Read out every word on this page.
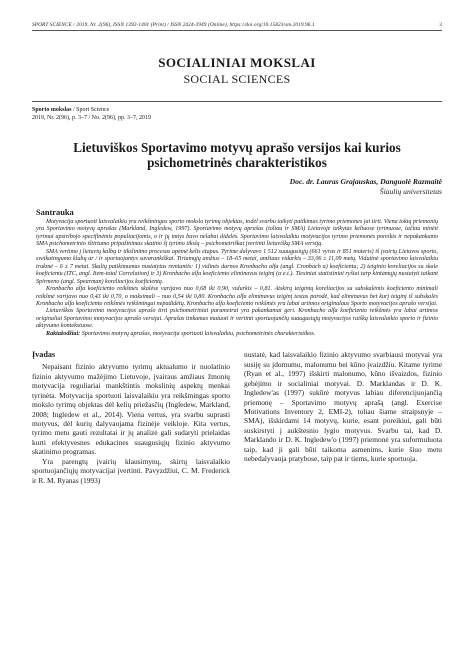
SPORT SCIENCE / 2019, Nr. 2(96), ISSN 1392-1401 (Print) / ISSN 2424-3949 (Online), https://doi.org/10.15823/sm.2019.96.1	3
SOCIALINIAI MOKSLAI
SOCIAL SCIENCES
Sporto mokslas / Sport Science
2019, Nr. 2(96), p. 3–7 / No. 2(96), pp. 3–7, 2019
Lietuviškos Sportavimo motyvų aprašo versijos kai kurios
psichometrinės charakteristikos
Doc. dr. Lauras Grajauskas, Danguolė Razmaitė
Šiaulių universitetas
Santrauka

Motyvacija sportuoti laisvalaikiu yra reikšmingas sporto mokslo tyrimų objektas, todėl svarbu taikyti patikimas tyrimo priemones jai tirti. Viena tokių priemonių yra Sportavimo motyvų aprašas (Markland, Ingledew, 1997). Sportavimo motyvų aprašas (toliau ir SMA) Lietuvoje taikytas keliuose tyrimuose, tačiau minėti tyrimai apsiribojo specifinėmis populiacijomis, o ir jų imtys buvo nelabai didelės. Sportavimo laisvalaikiu motyvacijos tyrimo priemonės poreikis ir nepakankamo SMA psichometrinio ištirtumo pripažinimas skatino šį tyrimo tikslą – psichometriškai įvertinti lietuvišką SMA versiją.

SMA vertimo į lietuvių kalbą ir tikslinimo procesas apėmė kelis etapus. Tyrime dalyvavo 1 512 suaugusiųjų (661 vyras ir 851 moteris) iš įvairių Lietuvos sporto, sveikatingumo klubų ar / ir sportuojantys savarankiškai. Tiriamųjų amžius – 18–65 metai, amžiaus vidurkis – 33,06 ± 11,09 metų. Vidutinė sportavimo laisvalaikiu trukmė – 6 ± 7 metai. Skalių patikimumas nustatytas remiantis: 1) vidinės darnos Kronbacho alfa (angl. Cronbach α) koeficientu; 2) teiginio koreliacijos su skale koeficientu (ITC, angl. Item-total Correlation) ir 3) Kronbacho alfa koeficiento eliminavus teiginį (α e.t.). Tiesiniai statistiniai ryšiai tarp kintamųjų nustatyti taikant Spirmeno (angl. Spearman) koreliacijos koeficientą.

Kronbacho alfa koeficiento reikšmės skalėse varijavo nuo 0,68 iki 0,90, vidurkis – 0,81. Atskirų teiginių koreliacijos su subskalėmis koeficiento minimali reikšmė varijavo nuo 0,43 iki 0,70, o maksimali – nuo 0,54 iki 0,80. Kronbacho alfa eliminavus teiginį testas parodė, kad eliminavus bet kurį teiginį iš subskalės Kronbacho alfa koeficiento reikšmės reikšmingai nepadidėtų. Kronbacho alfa koeficiento reikšmės yra labai artimos originalaus Sporto motyvacijos aprašo versijai.

Lietuviškos Sportavimo motyvacijos aprašo tirti psichometriniai parametrai yra pakankamai geri. Kronbacho alfa koeficiento reikšmės yra labai artimos originaliai Sportavimo motyvacijos aprašo versijai. Aprašas tinkamas matuoti ir vertinti sportuojančių suaugusiųjų motyvacijos raišką laisvalaikio sporto ir fizinio aktyvumo kontekstuose.

Raktažodžiai: Sportavimo motyvų aprašas, motyvacija sportuoti laisvalaikiu, psichometrinės charakteristikos.

Įvadas

Nepaisant fizinio aktyvumo tyrimų aktualumo ir nuolatinio fizinio aktyvumo mažėjimo Lietuvoje, įvairaus amžiaus žmonių motyvacija reguliariai mankštintis mokslinių aspektų menkai tyrinėta. Motyvacija sportuoti laisvalaikiu yra reikšmingas sporto mokslo tyrimų objektas dėl kelių priežasčių (Ingledew, Markland, 2008; Ingledew et al., 2014). Viena vertus, yra svarbu suprasti motyvus, dėl kurių dalyvaujama fizinėje veikloje. Kita vertus, tyrimo metu gauti rezultatai ir jų analizė gali sudaryti prielaidas kurti efektyvesnes edukacines suaugusiųjų fizinio aktyvumo skatinimo programas.

Yra parengtų įvairių klausimynų, skirtų laisvalaikio sportuojančiųjų motyvacijai įvertinti. Pavyzdžiui, C. M. Frederick ir R. M. Ryanas (1993)

nustatė, kad laisvalaikio fizinio aktyvumo svarbiausi motyvai yra susiję su įdomumu, malonumu bei kūno įvaizdžiu. Kitame tyrime (Ryan et al., 1997) išskirti malonumo, kūno išvaizdos, fizinio gebėjimo ir socialiniai motyvai. D. Marklandas ir D. K. Ingledew'as (1997) sukūrė motyvus labiau diferencijuojančią priemonę – Sportavimo motyvų aprašą (angl. Exercise Motivations Inventory 2, EMI-2), toliau šiame straipsnyje – SMA), išskirdami 14 motyvų, kurie, esant poreikiui, gali būti suskirstyti į aukštesnio lygio motyvus. Svarbu tai, kad D. Marklando ir D. K. Ingledew'o (1997) priemonė yra suformuluota taip, kad ji gali būti taikoma asmenims, kurie šiuo metu nebedalyvauja pratybose, taip pat ir tiems, kurie sportuoja.
